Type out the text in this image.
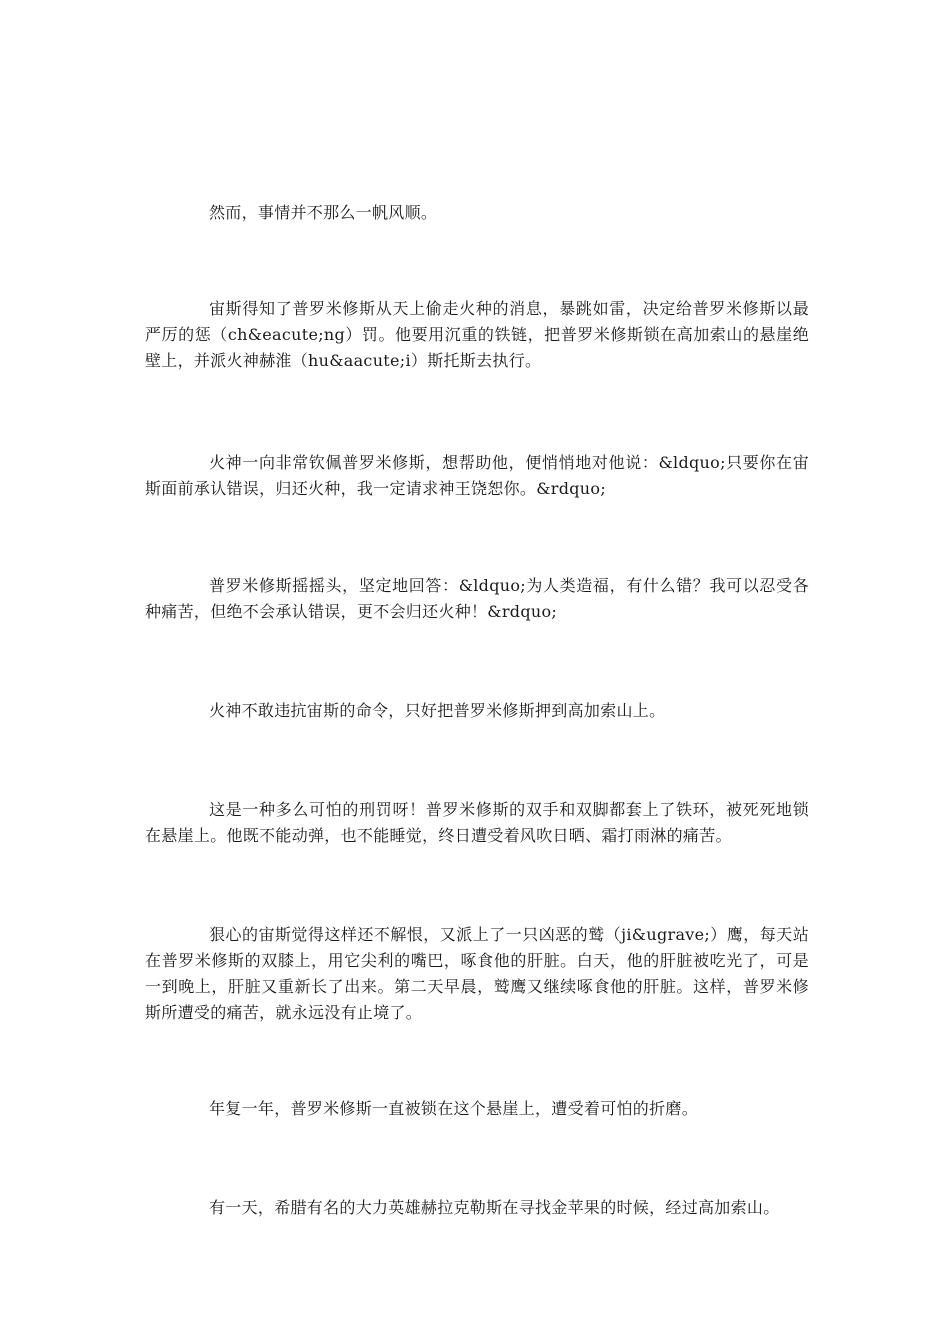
然而，事情并不那么一帆风顺。

宙斯得知了普罗米修斯从天上偷走火种的消息，暴跳如雷，决定给普罗米修斯以最严厉的惩（ch&eacute;ng）罚。他要用沉重的铁链，把普罗米修斯锁在高加索山的悬崖绝壁上，并派火神赫淮（hu&aacute;i）斯托斯去执行。

火神一向非常钦佩普罗米修斯，想帮助他，便悄悄地对他说：&ldquo;只要你在宙斯面前承认错误，归还火种，我一定请求神王饶恕你。&rdquo;

普罗米修斯摇摇头，坚定地回答：&ldquo;为人类造福，有什么错？我可以忍受各种痛苦，但绝不会承认错误，更不会归还火种！&rdquo;

火神不敢违抗宙斯的命令，只好把普罗米修斯押到高加索山上。

这是一种多么可怕的刑罚呀！普罗米修斯的双手和双脚都套上了铁环，被死死地锁在悬崖上。他既不能动弹，也不能睡觉，终日遭受着风吹日晒、霜打雨淋的痛苦。

狠心的宙斯觉得这样还不解恨，又派上了一只凶恶的鹫（ji&ugrave;）鹰，每天站在普罗米修斯的双膝上，用它尖利的嘴巴，啄食他的肝脏。白天，他的肝脏被吃光了，可是一到晚上，肝脏又重新长了出来。第二天早晨，鹫鹰又继续啄食他的肝脏。这样，普罗米修斯所遭受的痛苦，就永远没有止境了。

年复一年，普罗米修斯一直被锁在这个悬崖上，遭受着可怕的折磨。

有一天，希腊有名的大力英雄赫拉克勒斯在寻找金苹果的时候，经过高加索山。
